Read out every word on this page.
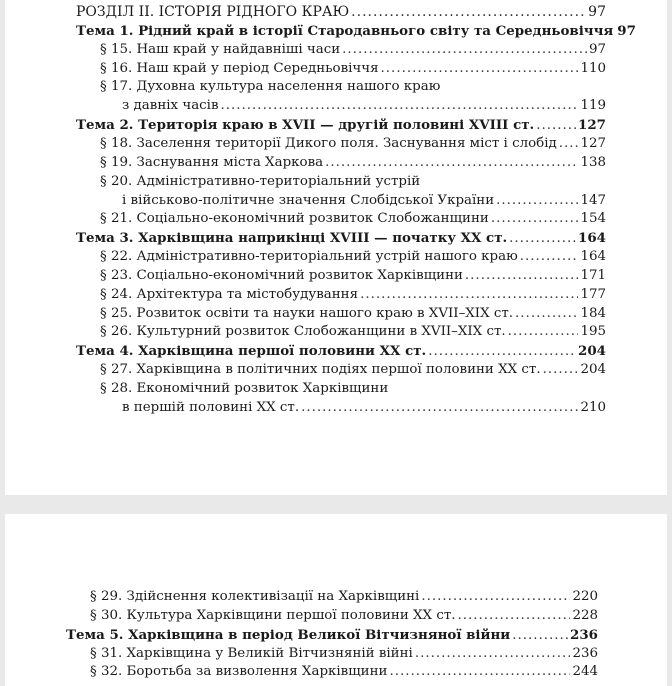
РОЗДІЛ ІІ. ІСТОРІЯ РІДНОГО КРАЮ .....	97
Тема 1. Рідний край в історії Стародавнього світу та Середньовіччя 97
§ 15. Наш край у найдавніші часи .....	97
§ 16. Наш край у період Середньовіччя .....	110
§ 17. Духовна культура населення нашого краю
з давніх часів .....	119
Тема 2. Територія краю в XVII — другій половині XVIII ст. .....	127
§ 18. Заселення території Дикого поля. Заснування міст і слобід ..... 127
§ 19. Заснування міста Харкова .....	138
§ 20. Адміністративно-територіальний устрій
і військово-політичне значення Слобідської України .....	147
§ 21. Соціально-економічний розвиток Слобожанщини .....	154
Тема 3. Харківщина наприкінці XVIII — початку XX ст. .....	164
§ 22. Адміністративно-територіальний устрій нашого краю .....	164
§ 23. Соціально-економічний розвиток Харківщини .....	171
§ 24. Архітектура та містобудування .....	177
§ 25. Розвиток освіти та науки нашого краю в XVII–XIX ст. .....	184
§ 26. Культурний розвиток Слобожанщини в XVII–XIX ст. .....	195
Тема 4. Харківщина першої половини XX ст. .....	204
§ 27. Харківщина в політичних подіях першої половини XX ст. .....	204
§ 28. Економічний розвиток Харківщини
в першій половині XX ст. .....	210
§ 29. Здійснення колективізації на Харківщині .....	220
§ 30. Культура Харківщини першої половини XX ст. .....	228
Тема 5. Харківщина в період Великої Вітчизняної війни .....	236
§ 31. Харківщина у Великій Вітчизняній війні .....	236
§ 32. Боротьба за визволення Харківщини .....	244
